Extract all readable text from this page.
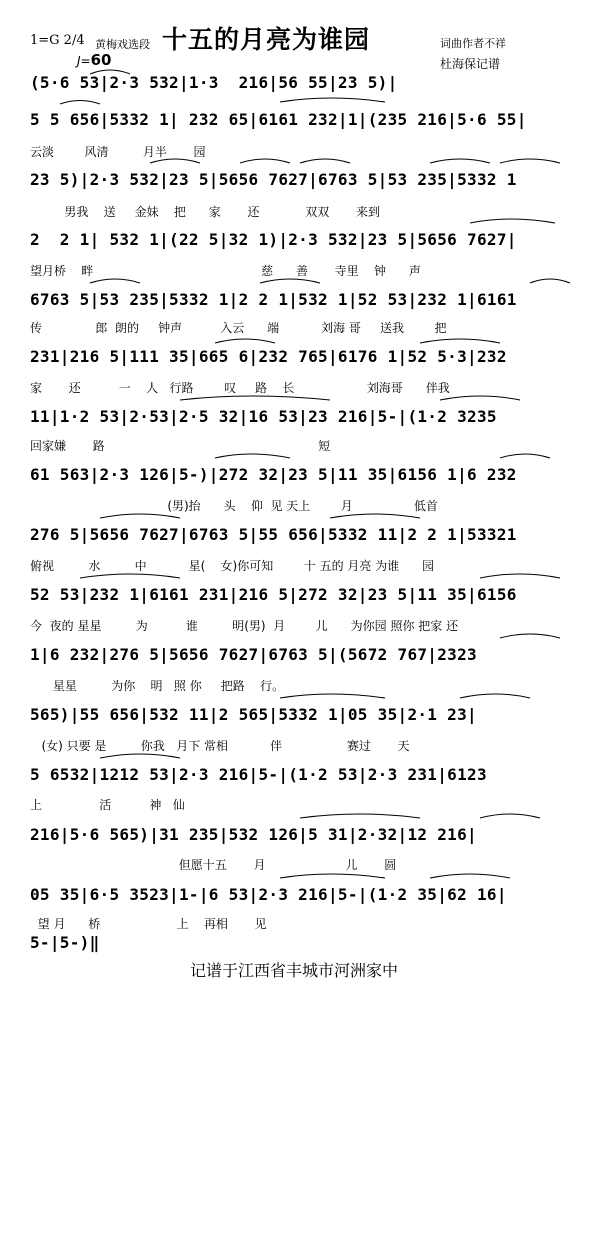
1=G 2/4 黄梅戏选段 十五的月亮为谁园	词曲作者不祥
杜海保记谱
J=60
(5·6 53|2·3 532|1·3  216|56 55|23 5)|
5 5 656|5332 1| 232 65|6161 232|1|(235 216|5·6 55|
云淡        风清         月半       园
23 5)|2·3 532|23 5|5656 7627|6763 5|53 235|5332 1
男我    送     金妹    把      家       还            双双       来到
2  2 1| 532 1|(22 5|32 1)|2·3 532|23 5|5656 7627|
望月桥    畔                                            慈      善       寺里    钟      声
6763 5|53 235|5332 1|2 2 1|532 1|52 53|232 1|6161
传              郎  朗的     钟声          入云      端           刘海 哥     送我        把
231|216 5|111 35|665 6|232 765|6176 1|52 5·3|232
家       还          一    人   行路        叹     路    长                   刘海哥      伴我
11|1·2 53|2·53|2·5 32|16 53|23 216|5-|(1·2 3235
回家嫌       路                                                        短
61 563|2·3 126|5-)|272 32|23 5|11 35|6156 1|6 232
(男)抬      头    仰  见 天上        月                低首
276 5|5656 7627|6763 5|55 656|5332 11|2 2 1|53321
俯视         水         中           星(    女)你可知        十 五的 月亮 为谁      园
52 53|232 1|6161 231|216 5|272 32|23 5|11 35|6156
今  夜的 星星         为          谁         明(男)  月        儿      为你园 照你 把家 还
1|6 232|276 5|5656 7627|6763 5|(5672 767|2323
星星         为你    明   照 你     把路    行。
565)|55 656|532 11|2 565|5332 1|05 35|2·1 23|
(女) 只要 是         你我   月下 常相           伴                 赛过       天
5 6532|1212 53|2·3 216|5-|(1·2 53|2·3 231|6123
上               活          神   仙
216|5·6 565)|31 235|532 126|5 31|2·32|12 216|
但愿十五       月                     儿       圆
05 35|6·5 3523|1-|6 53|2·3 216|5-|(1·2 35|62 16|
望 月      桥                    上    再相       见
5-|5-)‖
记谱于江西省丰城市河洲家中
